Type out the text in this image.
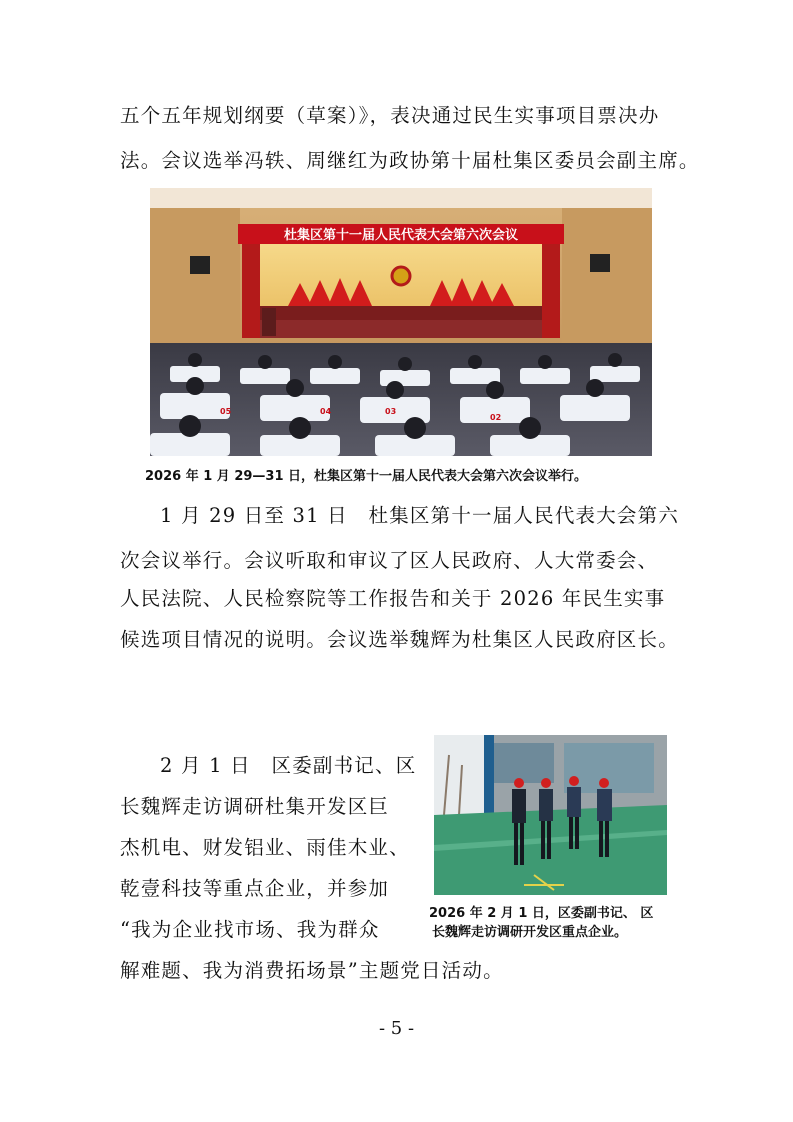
五个五年规划纲要（草案）》，表决通过民生实事项目票决办
法。会议选举冯轶、周继红为政协第十届杜集区委员会副主席。
杜集区第十一届人民代表大会第六次会议
05	04	03
02
2026 年 1 月 29—31 日，杜集区第十一届人民代表大会第六次会议举行。
1 月 29 日至 31 日　杜集区第十一届人民代表大会第六
次会议举行。会议听取和审议了区人民政府、人大常委会、
人民法院、人民检察院等工作报告和关于 2026 年民生实事
候选项目情况的说明。会议选举魏辉为杜集区人民政府区长。
2 月 1 日　区委副书记、区
长魏辉走访调研杜集开发区巨
杰机电、财发铝业、雨佳木业、
乾壹科技等重点企业，并参加
“我为企业找市场、我为群众
解难题、我为消费拓场景”主题党日活动。
2026 年 2 月 1 日，区委副书记、 区
长魏辉走访调研开发区重点企业。
- 5 -
